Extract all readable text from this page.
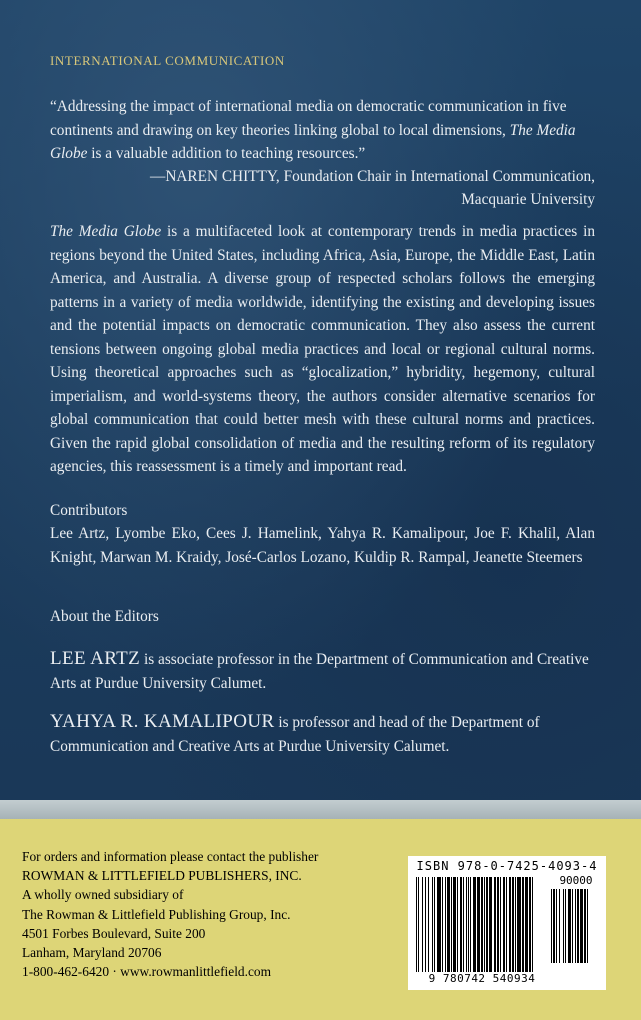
INTERNATIONAL COMMUNICATION

“Addressing the impact of international media on democratic communication in five continents and drawing on key theories linking global to local dimensions, The Media Globe is a valuable addition to teaching resources.”

—NAREN CHITTY, Foundation Chair in International Communication,
Macquarie University

The Media Globe is a multifaceted look at contemporary trends in media practices in regions beyond the United States, including Africa, Asia, Europe, the Middle East, Latin America, and Australia. A diverse group of respected scholars follows the emerging patterns in a variety of media worldwide, identifying the existing and developing issues and the potential impacts on democratic communication. They also assess the current tensions between ongoing global media practices and local or regional cultural norms. Using theoretical approaches such as “glocalization,” hybridity, hegemony, cultural imperialism, and world-systems theory, the authors consider alternative scenarios for global communication that could better mesh with these cultural norms and practices. Given the rapid global consolidation of media and the resulting reform of its regulatory agencies, this reassessment is a timely and important read.

Contributors

Lee Artz, Lyombe Eko, Cees J. Hamelink, Yahya R. Kamalipour, Joe F. Khalil, Alan Knight, Marwan M. Kraidy, José-Carlos Lozano, Kuldip R. Rampal, Jeanette Steemers

About the Editors

LEE ARTZ is associate professor in the Department of Communication and Creative Arts at Purdue University Calumet.

YAHYA R. KAMALIPOUR is professor and head of the Department of Communication and Creative Arts at Purdue University Calumet.

For orders and information please contact the publisher
ROWMAN & LITTLEFIELD PUBLISHERS, INC.
A wholly owned subsidiary of
The Rowman & Littlefield Publishing Group, Inc.
4501 Forbes Boulevard, Suite 200
Lanham, Maryland 20706
1-800-462-6420 · www.rowmanlittlefield.com
ISBN 978-0-7425-4093-4
90000
9 780742 540934
